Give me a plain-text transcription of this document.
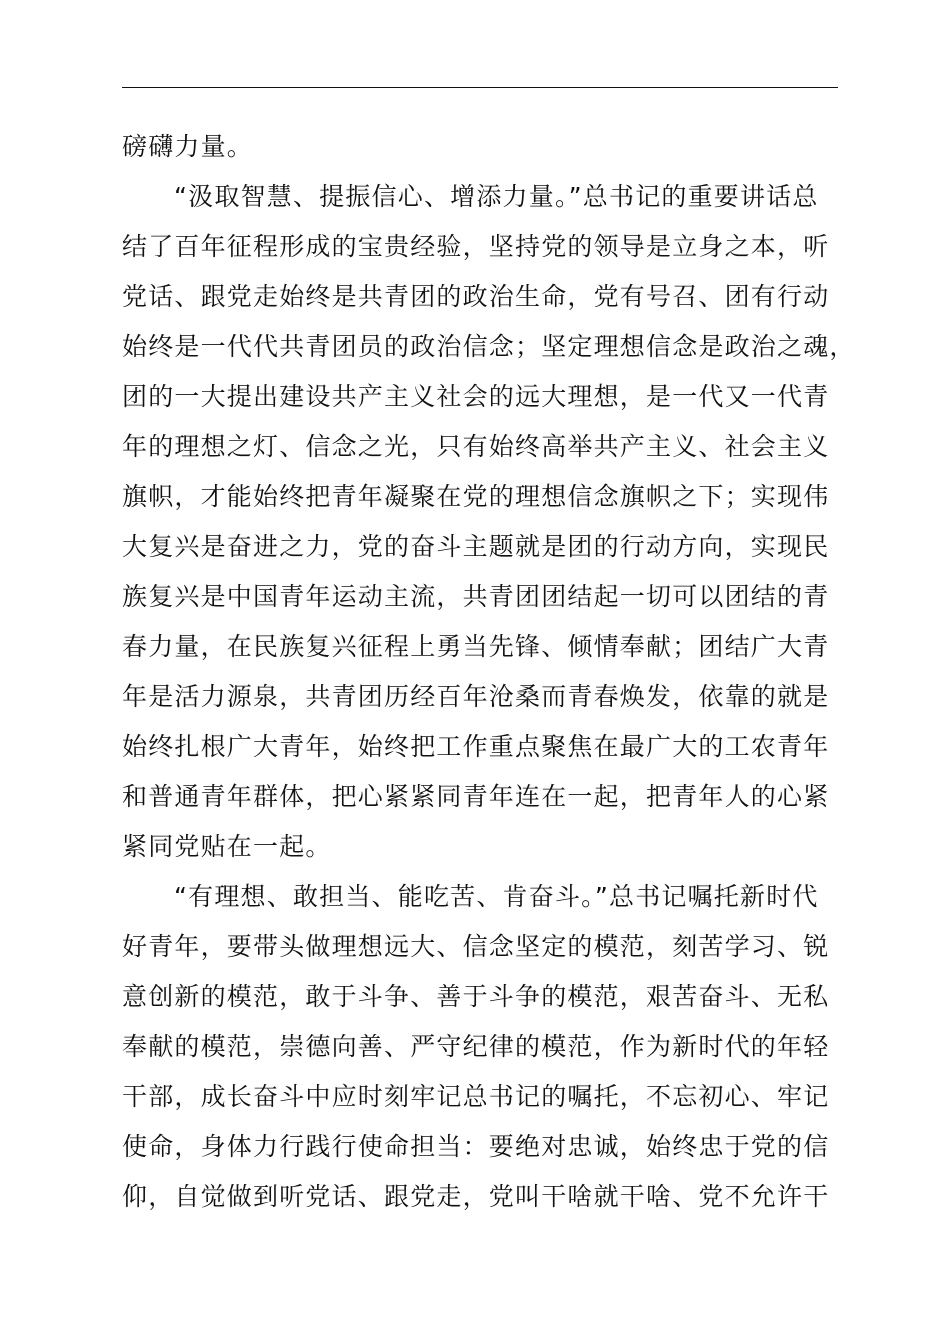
磅礴力量。
“汲取智慧、提振信心、增添力量。”总书记的重要讲话总
结了百年征程形成的宝贵经验，坚持党的领导是立身之本，听
党话、跟党走始终是共青团的政治生命，党有号召、团有行动
始终是一代代共青团员的政治信念；坚定理想信念是政治之魂，
团的一大提出建设共产主义社会的远大理想，是一代又一代青
年的理想之灯、信念之光，只有始终高举共产主义、社会主义
旗帜，才能始终把青年凝聚在党的理想信念旗帜之下；实现伟
大复兴是奋进之力，党的奋斗主题就是团的行动方向，实现民
族复兴是中国青年运动主流，共青团团结起一切可以团结的青
春力量，在民族复兴征程上勇当先锋、倾情奉献；团结广大青
年是活力源泉，共青团历经百年沧桑而青春焕发，依靠的就是
始终扎根广大青年，始终把工作重点聚焦在最广大的工农青年
和普通青年群体，把心紧紧同青年连在一起，把青年人的心紧
紧同党贴在一起。
“有理想、敢担当、能吃苦、肯奋斗。”总书记嘱托新时代
好青年，要带头做理想远大、信念坚定的模范，刻苦学习、锐
意创新的模范，敢于斗争、善于斗争的模范，艰苦奋斗、无私
奉献的模范，崇德向善、严守纪律的模范，作为新时代的年轻
干部，成长奋斗中应时刻牢记总书记的嘱托，不忘初心、牢记
使命，身体力行践行使命担当：要绝对忠诚，始终忠于党的信
仰，自觉做到听党话、跟党走，党叫干啥就干啥、党不允许干
